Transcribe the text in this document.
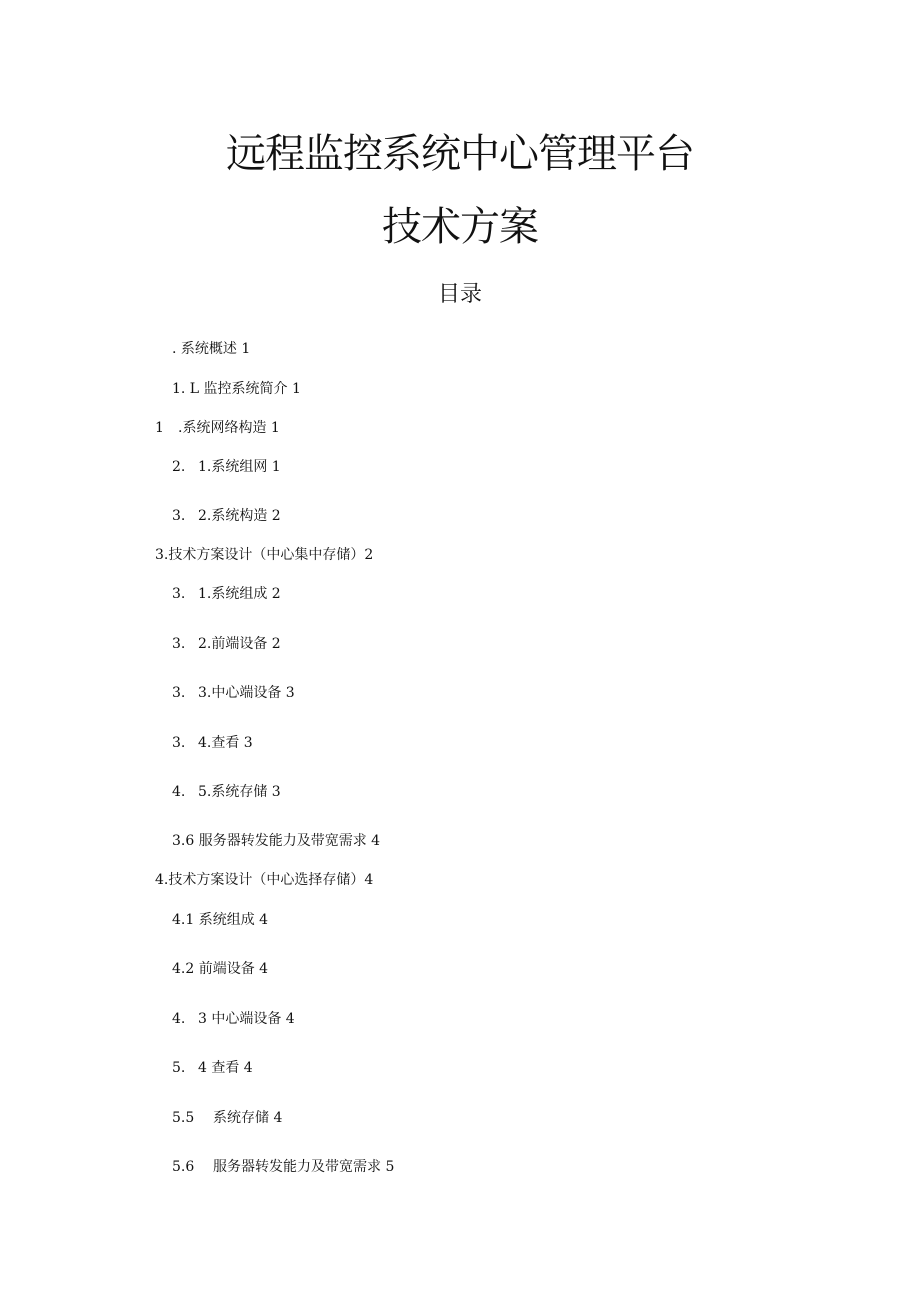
远程监控系统中心管理平台
技术方案
目录
. 系统概述 1
1. L 监控系统简介 1
1 .系统网络构造 1
2. 1.系统组网 1
3. 2.系统构造 2
3.技术方案设计（中心集中存储）2
3. 1.系统组成 2
3. 2.前端设备 2
3. 3.中心端设备 3
3. 4.查看 3
4. 5.系统存储 3
3.6 服务器转发能力及带宽需求 4
4.技术方案设计（中心选择存储）4
4.1 系统组成 4
4.2 前端设备 4
4. 3 中心端设备 4
5. 4 查看 4
5.5 系统存储 4
5.6 服务器转发能力及带宽需求 5
